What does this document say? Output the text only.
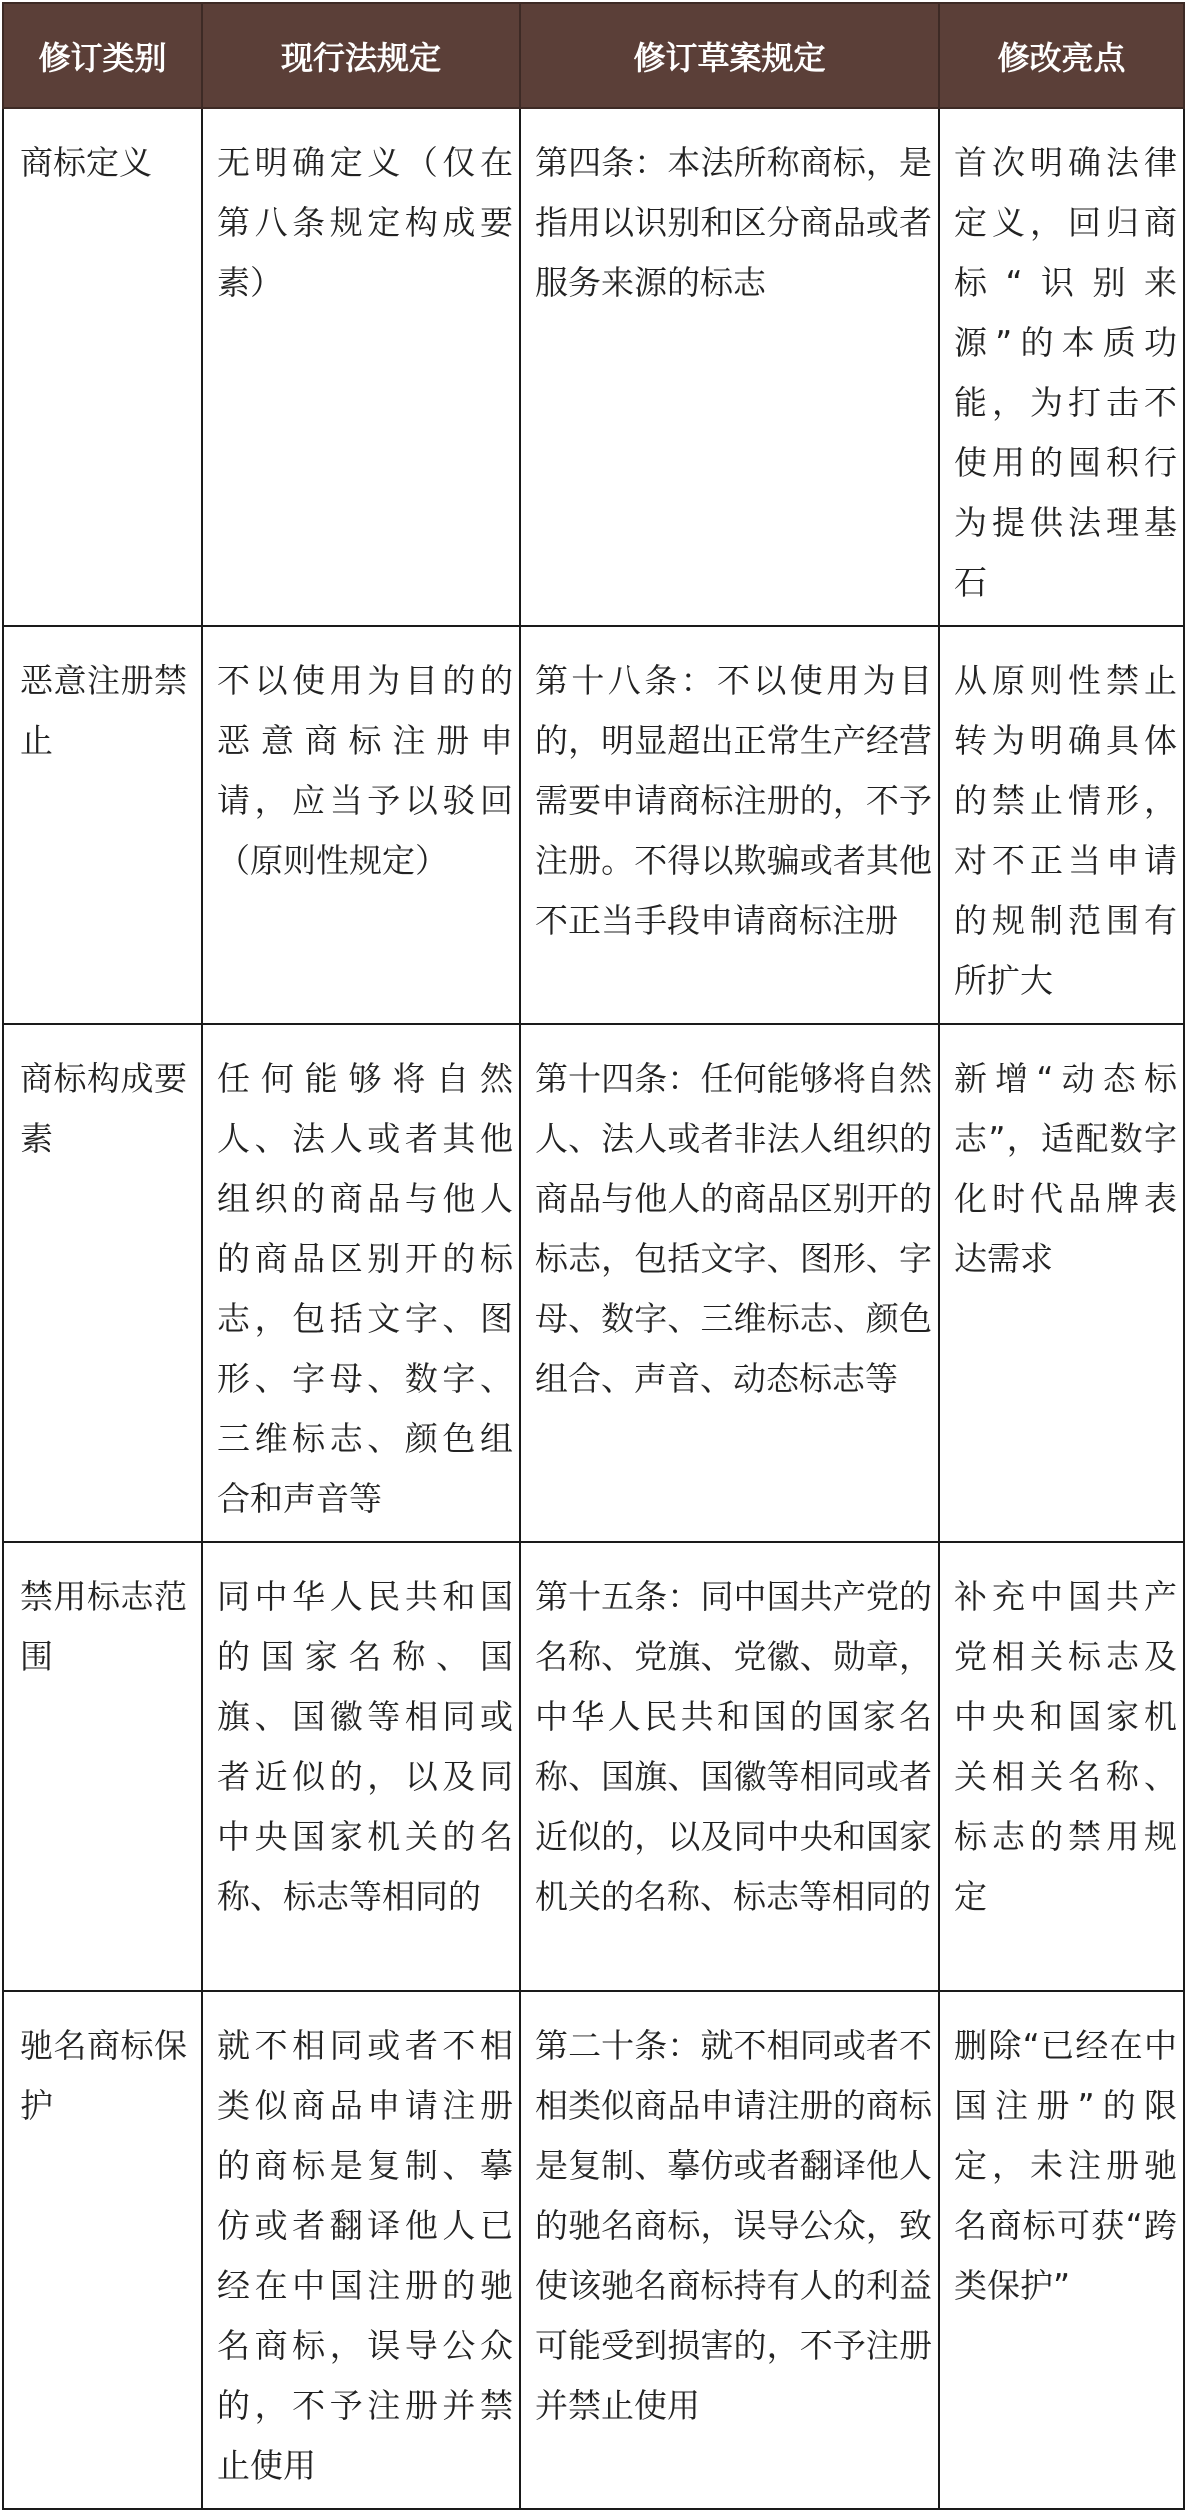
修订类别	现行法规定	修订草案规定	修改亮点
商标定义	无明确定义（仅在第八条规定构成要素）	第四条：本法所称商标，是指用以识别和区分商品或者服务来源的标志	首次明确法律定义，回归商标“识别来源”的本质功能，为打击不使用的囤积行为提供法理基石
恶意注册禁止	不以使用为目的的恶意商标注册申请，应当予以驳回（原则性规定）	第十八条：不以使用为目的，明显超出正常生产经营需要申请商标注册的，不予注册。不得以欺骗或者其他不正当手段申请商标注册	从原则性禁止转为明确具体的禁止情形，对不正当申请的规制范围有所扩大
商标构成要素	任何能够将自然人、法人或者其他组织的商品与他人的商品区别开的标志，包括文字、图形、字母、数字、三维标志、颜色组合和声音等	第十四条：任何能够将自然人、法人或者非法人组织的商品与他人的商品区别开的标志，包括文字、图形、字母、数字、三维标志、颜色组合、声音、动态标志等	新增“动态标志”，适配数字化时代品牌表达需求
禁用标志范围	同中华人民共和国的国家名称、国旗、国徽等相同或者近似的，以及同中央国家机关的名称、标志等相同的	第十五条：同中国共产党的名称、党旗、党徽、勋章，中华人民共和国的国家名称、国旗、国徽等相同或者近似的，以及同中央和国家机关的名称、标志等相同的	补充中国共产党相关标志及中央和国家机关相关名称、标志的禁用规定
驰名商标保护	就不相同或者不相类似商品申请注册的商标是复制、摹仿或者翻译他人已经在中国注册的驰名商标，误导公众的，不予注册并禁止使用	第二十条：就不相同或者不相类似商品申请注册的商标是复制、摹仿或者翻译他人的驰名商标，误导公众，致使该驰名商标持有人的利益可能受到损害的，不予注册并禁止使用	删除“已经在中国注册”的限定，未注册驰名商标可获“跨类保护”
